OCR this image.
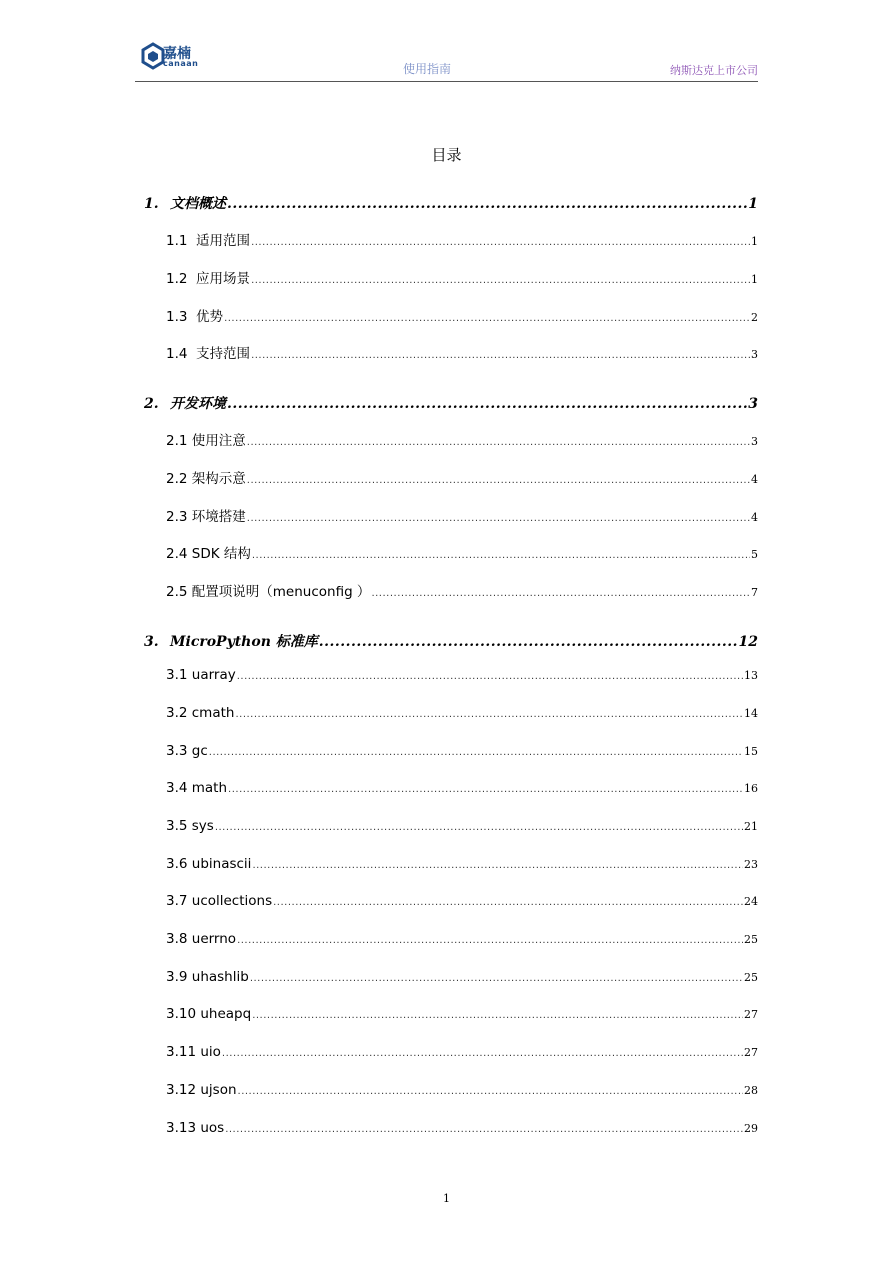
嘉楠
canaan	使用指南	纳斯达克上市公司
目录
1. 文档概述 .....	1
1.1  适用范围 .....	1
1.2  应用场景 .....	1
1.3  优势 .....	2
1.4  支持范围 .....	3
2. 开发环境 .....	3
2.1 使用注意 .....	3
2.2 架构示意 .....	4
2.3 环境搭建 .....	4
2.4 SDK 结构 .....	5
2.5 配置项说明（menuconfig ） .....	7
3. MicroPython 标准库 .....	12
3.1 uarray .....	13
3.2 cmath .....	14
3.3 gc .....	15
3.4 math .....	16
3.5 sys .....	21
3.6 ubinascii .....	23
3.7 ucollections .....	24
3.8 uerrno .....	25
3.9 uhashlib .....	25
3.10 uheapq .....	27
3.11 uio .....	27
3.12 ujson .....	28
3.13 uos .....	29
1
